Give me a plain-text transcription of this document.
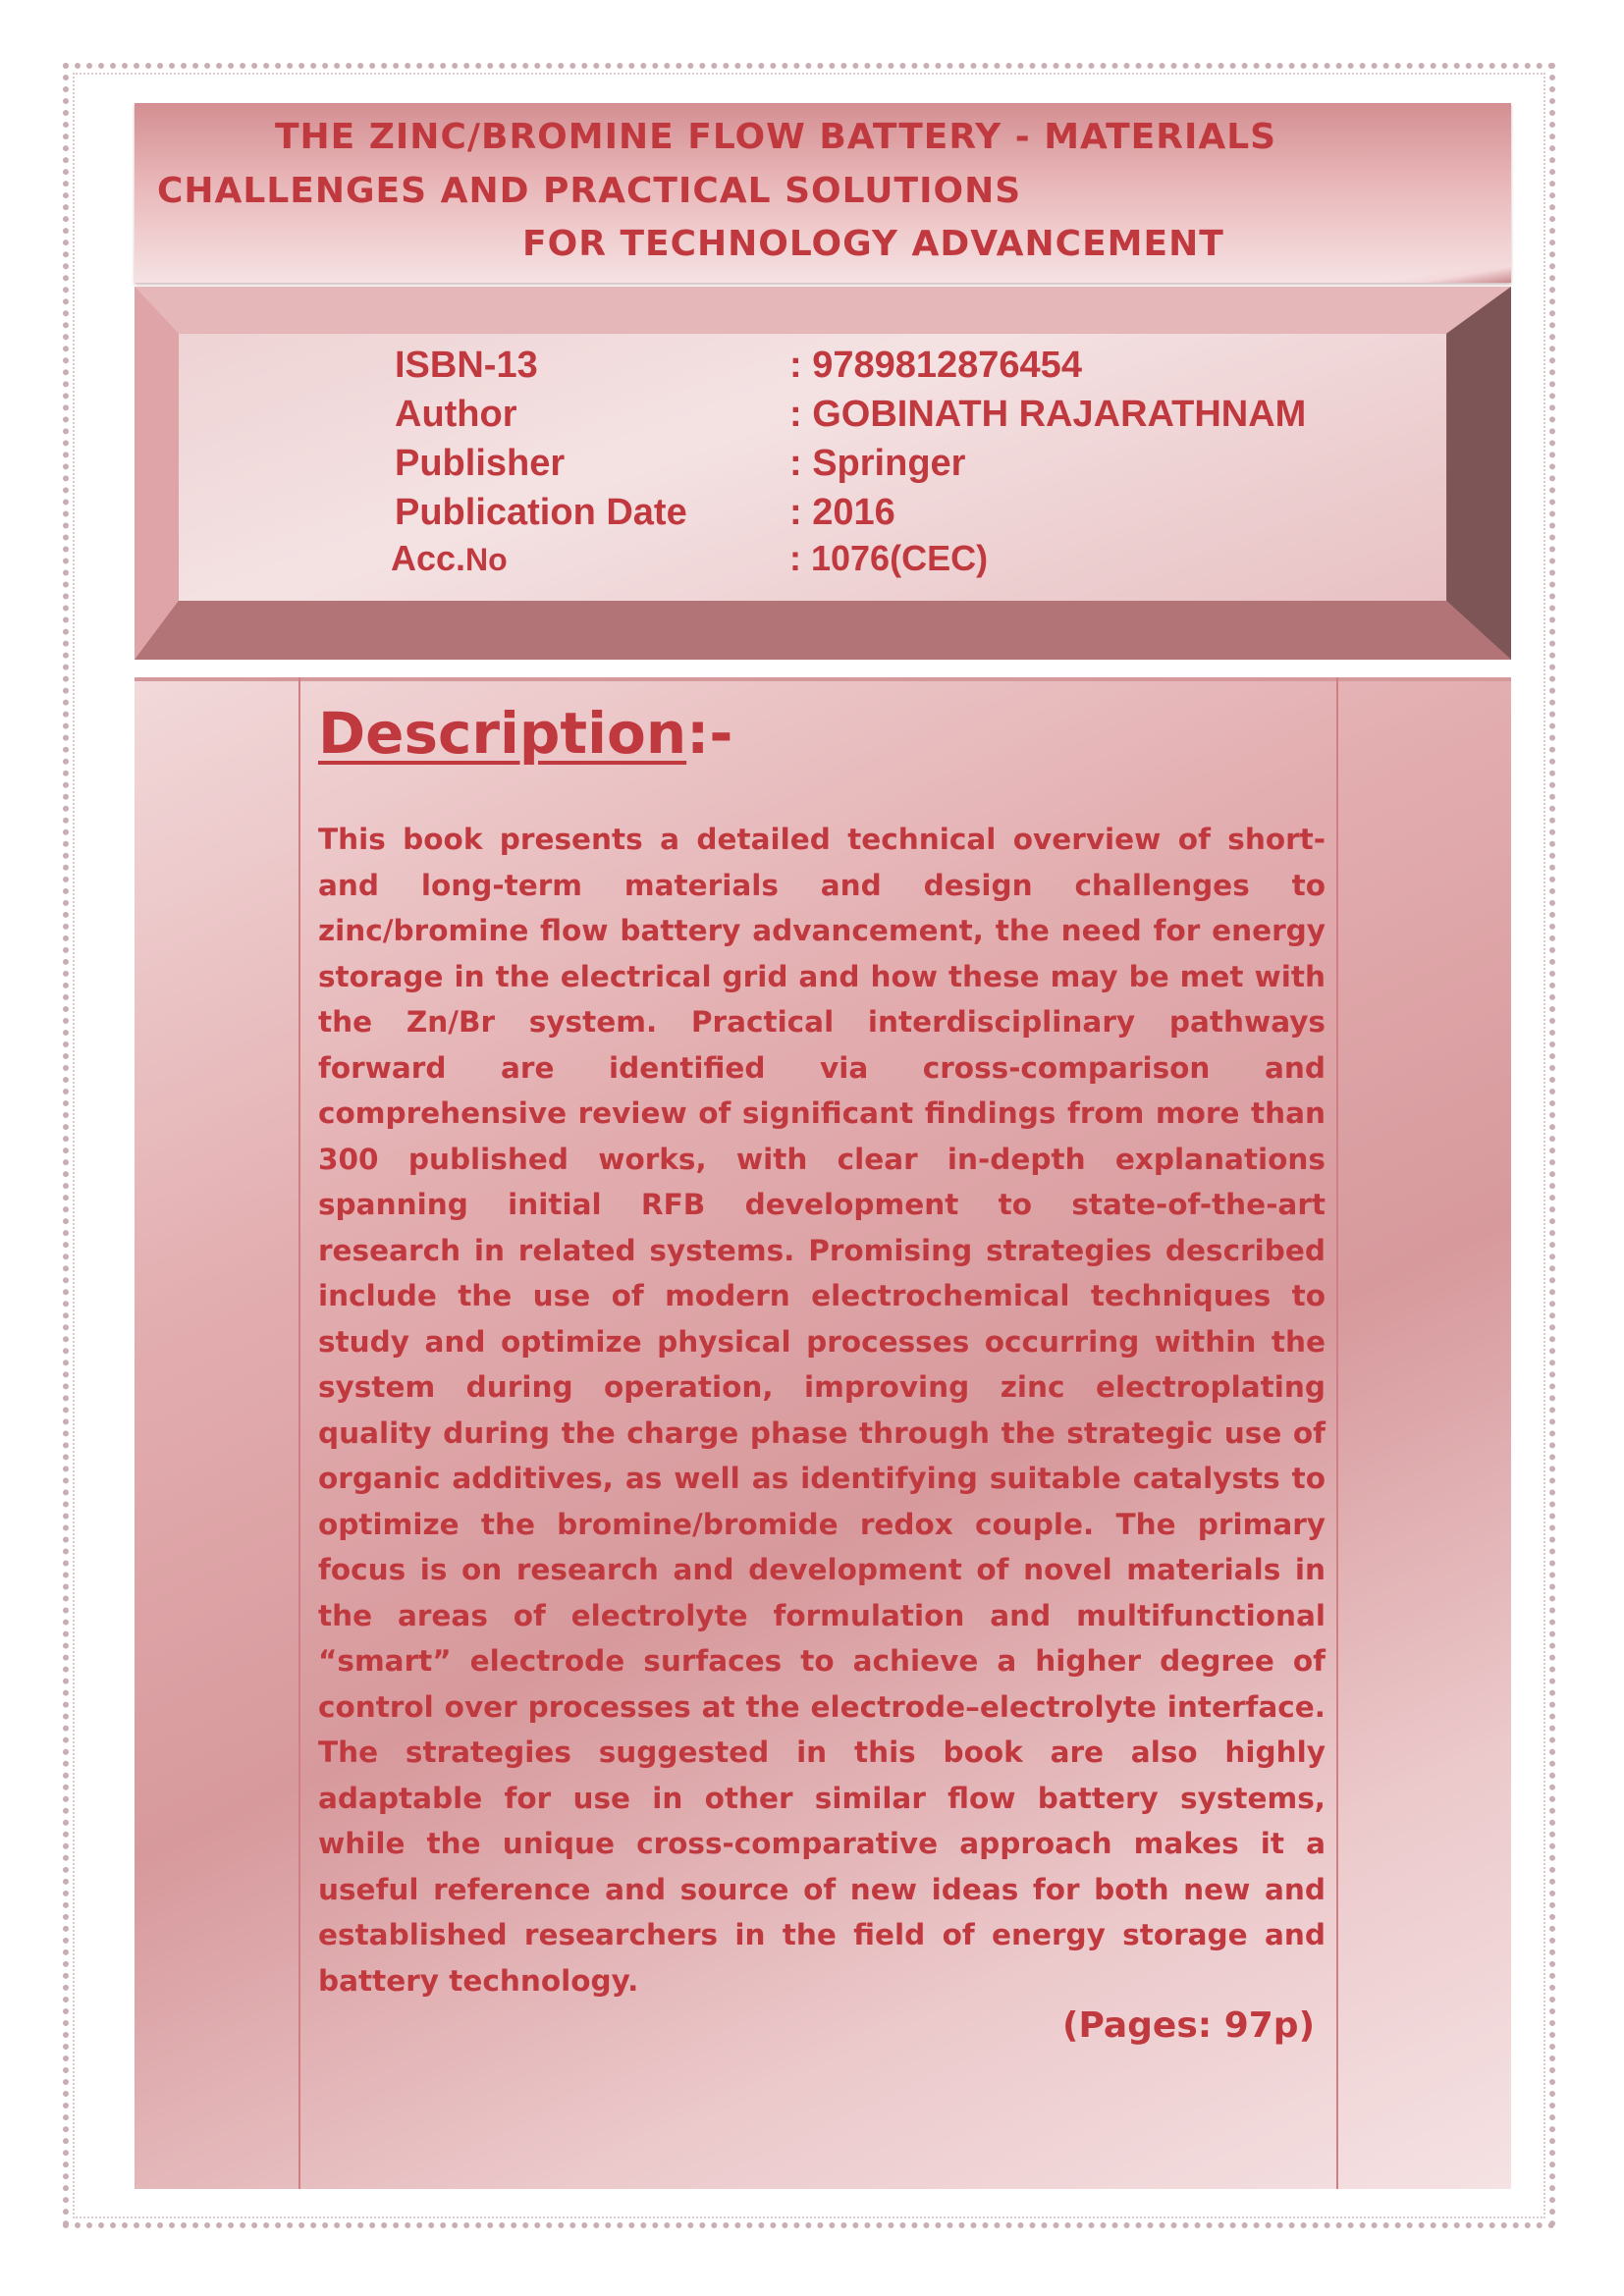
THE ZINC/BROMINE FLOW BATTERY - MATERIALS
CHALLENGES AND PRACTICAL SOLUTIONS
FOR TECHNOLOGY ADVANCEMENT
ISBN-13	: 9789812876454
Author	: GOBINATH RAJARATHNAM
Publisher	: Springer
Publication Date	: 2016
Acc.No	: 1076(CEC)
Description:-

This book presents a detailed technical overview of short- and long-term materials and design challenges to zinc/bromine flow battery advancement, the need for energy storage in the electrical grid and how these may be met with the Zn/Br system. Practical interdisciplinary pathways forward are identified via cross-comparison and comprehensive review of significant findings from more than 300 published works, with clear in-depth explanations spanning initial RFB development to state-of-the-art research in related systems. Promising strategies described include the use of modern electrochemical techniques to study and optimize physical processes occurring within the system during operation, improving zinc electroplating quality during the charge phase through the strategic use of organic additives, as well as identifying suitable catalysts to optimize the bromine/bromide redox couple. The primary focus is on research and development of novel materials in the areas of electrolyte formulation and multifunctional “smart” electrode surfaces to achieve a higher degree of control over processes at the electrode–electrolyte interface. The strategies suggested in this book are also highly adaptable for use in other similar flow battery systems, while the unique cross-comparative approach makes it a useful reference and source of new ideas for both new and established researchers in the field of energy storage and battery technology.

(Pages: 97p)
